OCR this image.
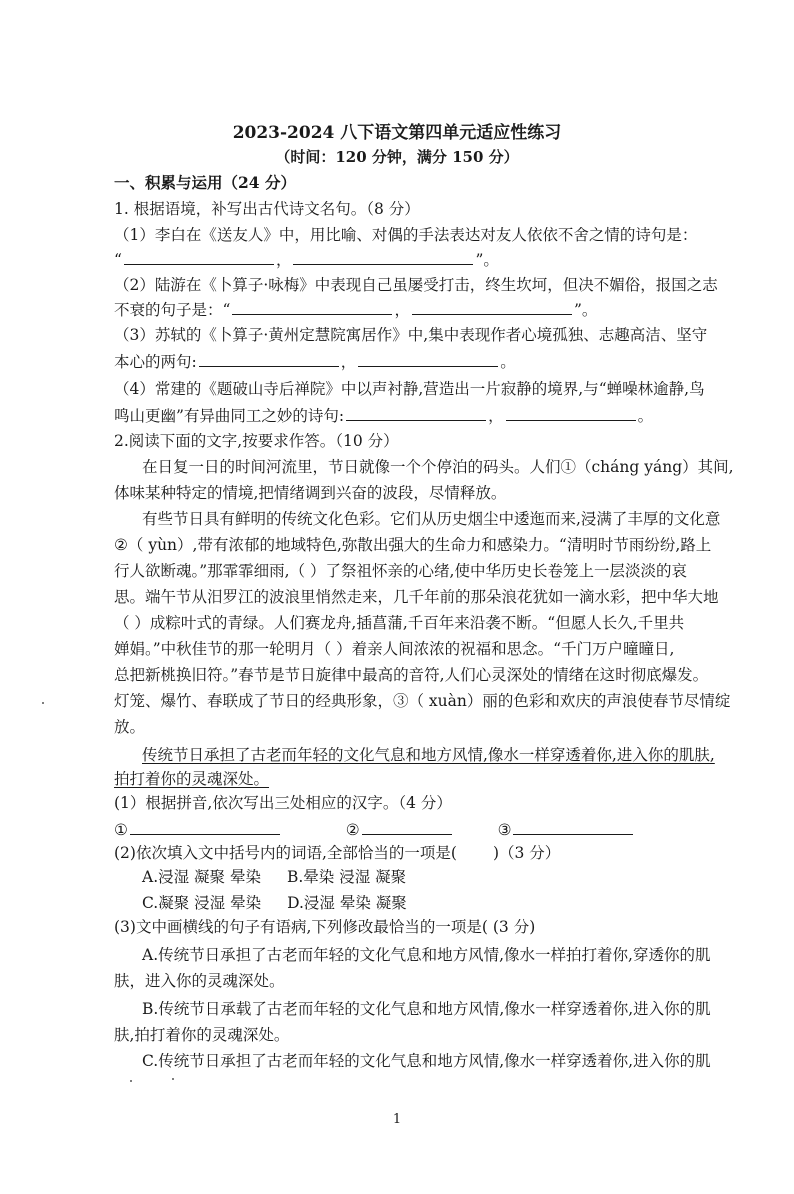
2023-2024 八下语文第四单元适应性练习
（时间：120 分钟，满分 150 分）
一、积累与运用（24 分）
1. 根据语境，补写出古代诗文名句。（8 分）
（1）李白在《送友人》中，用比喻、对偶的手法表达对友人依依不舍之情的诗句是：
“	，	”。
（2）陆游在《卜算子·咏梅》中表现自己虽屡受打击，终生坎坷，但决不媚俗，报国之志
不衰的句子是：“	，	”。
（3）苏轼的《卜算子·黄州定慧院寓居作》中,集中表现作者心境孤独、志趣高洁、坚守
本心的两句:	，	。
（4）常建的《题破山寺后禅院》中以声衬静,营造出一片寂静的境界,与“蝉噪林逾静,鸟
鸣山更幽”有异曲同工之妙的诗句:	，	。
2.阅读下面的文字,按要求作答。（10 分）
在日复一日的时间河流里，节日就像一个个停泊的码头。人们①（cháng yáng）其间,
体味某种特定的情境,把情绪调到兴奋的波段，尽情释放。
有些节日具有鲜明的传统文化色彩。它们从历史烟尘中逶迤而来,浸满了丰厚的文化意
②（ yùn）,带有浓郁的地域特色,弥散出强大的生命力和感染力。“清明时节雨纷纷,路上
行人欲断魂。”那霏霏细雨,（ ）了祭祖怀亲的心绪,使中华历史长卷笼上一层淡淡的哀
思。端午节从汨罗江的波浪里悄然走来，几千年前的那朵浪花犹如一滴水彩，把中华大地
（ ）成粽叶式的青绿。人们赛龙舟,插菖蒲,千百年来沿袭不断。“但愿人长久,千里共
婵娟。”中秋佳节的那一轮明月（ ）着亲人间浓浓的祝福和思念。“千门万户曈曈日,
总把新桃换旧符。”春节是节日旋律中最高的音符,人们心灵深处的情绪在这时彻底爆发。
灯笼、爆竹、春联成了节日的经典形象，③（ xuàn）丽的色彩和欢庆的声浪使春节尽情绽
放。
传统节日承担了古老而年轻的文化气息和地方风情,像水一样穿透着你,进入你的肌肤,
拍打着你的灵魂深处。
(1）根据拼音,依次写出三处相应的汉字。（4 分）
①	②	③
(2)依次填入文中括号内的词语,全部恰当的一项是( )（3 分）
A.浸湿 凝聚 晕染 B.晕染 浸湿 凝聚
C.凝聚 浸湿 晕染 D.浸湿 晕染 凝聚
(3)文中画横线的句子有语病,下列修改最恰当的一项是( (3 分)
A.传统节日承担了古老而年轻的文化气息和地方风情,像水一样拍打着你,穿透你的肌
肤，进入你的灵魂深处。
B.传统节日承载了古老而年轻的文化气息和地方风情,像水一样穿透着你,进入你的肌
肤,拍打着你的灵魂深处。
C.传统节日承担了古老而年轻的文化气息和地方风情,像水一样穿透着你,进入你的肌
1
